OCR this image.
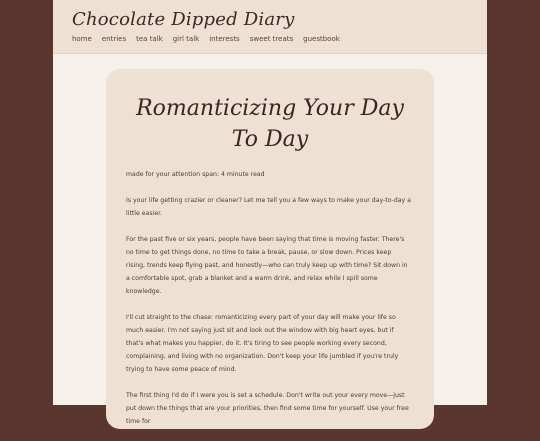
Chocolate Dipped Diary
home entries tea talk girl talk interests sweet treats guestbook
Romanticizing Your Day To Day

made for your attention span: 4 minute read

Is your life getting crazier or cleaner? Let me tell you a few ways to make your day-to-day a little easier.

For the past five or six years, people have been saying that time is moving faster. There's no time to get things done, no time to take a break, pause, or slow down. Prices keep rising, trends keep flying past, and honestly—who can truly keep up with time? Sit down in a comfortable spot, grab a blanket and a warm drink, and relax while I spill some knowledge.

I'll cut straight to the chase: romanticizing every part of your day will make your life so much easier. I'm not saying just sit and look out the window with big heart eyes, but if that's what makes you happier, do it. It's tiring to see people working every second, complaining, and living with no organization. Don't keep your life jumbled if you're truly trying to have some peace of mind.

The first thing I'd do if I were you is set a schedule. Don't write out your every move—just put down the things that are your priorities, then find some time for yourself. Use your free time for
